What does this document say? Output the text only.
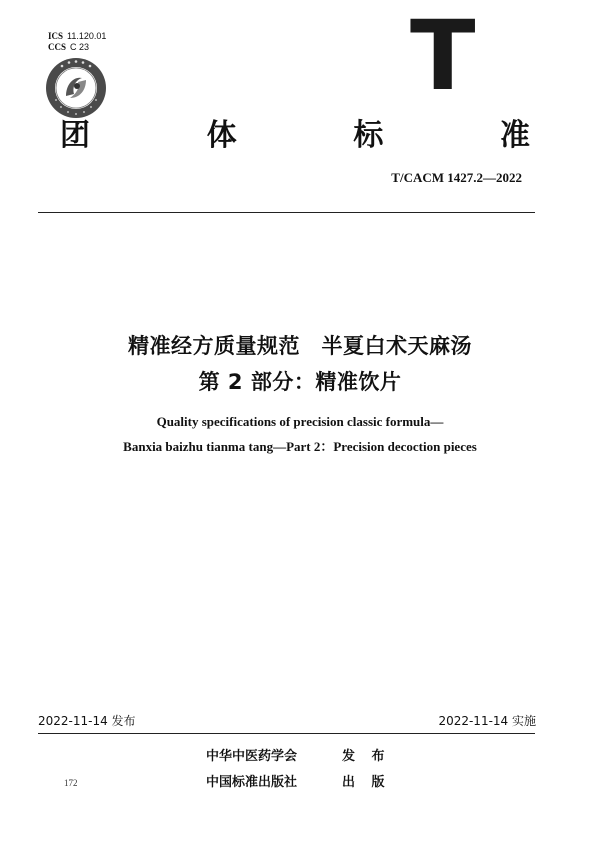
ICS 11.120.01
CCS C 23	T
团	体	标	准
T/CACM 1427.2—2022
精准经方质量规范　半夏白术天麻汤
第 2 部分：精准饮片
Quality specifications of precision classic formula—
Banxia baizhu tianma tang—Part 2：Precision decoction pieces
2022-11-14 发布	2022-11-14 实施
中华中医药学会	发 布
中国标准出版社	出 版
172
